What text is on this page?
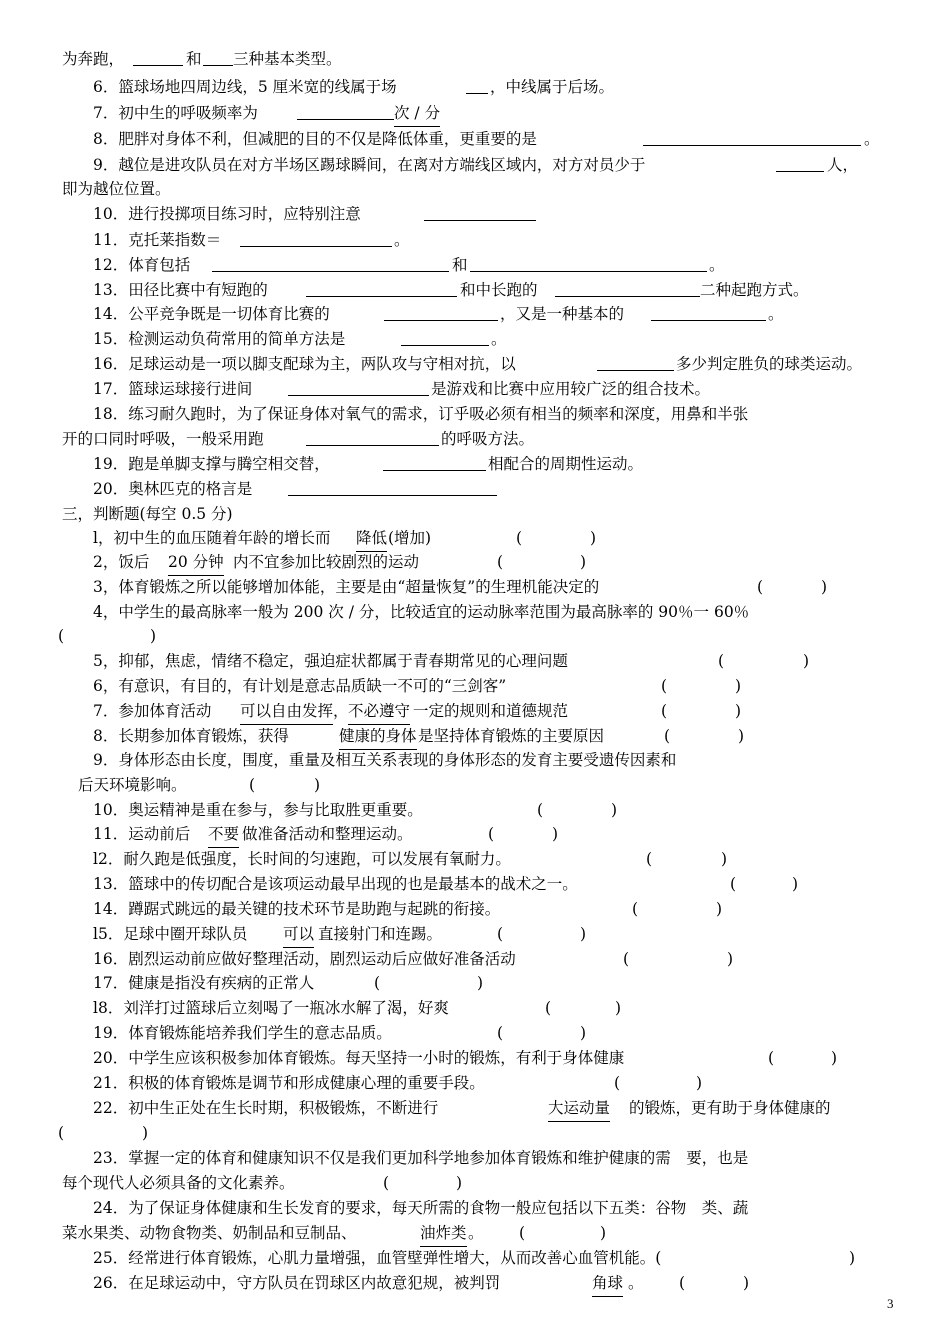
为奔跑，	和 三种基本类型。
6．篮球场地四周边线，5 厘米宽的线属于场	，中线属于后场。
7．初中生的呼吸频率为	次 / 分
8．肥胖对身体不利，但减肥的目的不仅是降低体重，更重要的是	。
9．越位是进攻队员在对方半场区踢球瞬间，在离对方端线区域内，对方对员少于	人，
即为越位位置。
10．进行投掷项目练习时，应特别注意
11．克托莱指数＝	。
12．体育包括	和	。
13．田径比赛中有短跑的	和中长跑的	二种起跑方式。
14．公平竞争既是一切体育比赛的	，又是一种基本的	。
15．检测运动负荷常用的简单方法是	。
16．足球运动是一项以脚支配球为主，两队攻与守相对抗，以	多少判定胜负的球类运动。
17．篮球运球接行进间	是游戏和比赛中应用较广泛的组合技术。
18．练习耐久跑时，为了保证身体对氧气的需求，订乎吸必须有相当的频率和深度，用鼻和半张
开的口同时呼吸，一般采用跑	的呼吸方法。
19．跑是单脚支撑与腾空相交替，	相配合的周期性运动。
20．奥林匹克的格言是
三，判断题(每空 0.5 分)
l，初中生的血压随着年龄的增长而 降低 (增加)	(	)
2，饭后 20 分钟 内不宜参加比较剧烈的运动	(	)
3，体育锻炼之所以能够增加体能，主要是由“超量恢复”的生理机能决定的	(	)
4，中学生的最高脉率一般为 200 次 / 分，比较适宜的运动脉率范围为最高脉率的 90％一 60％
(	)
5，抑郁，焦虑，情绪不稳定，强迫症状都属于青春期常见的心理问题	(	)
6，有意识，有目的，有计划是意志品质缺一不可的“三剑客”	(	)
7．参加体育活动 可以自由发挥 ， 不必遵守 一定的规则和道德规范	(	)
8．长期参加体育锻炼，获得	健康的身体 是坚持体育锻炼的主要原因	(	)
9．身体形态由长度，围度，重量及相互关系表现的身体形态的发育主要受遗传因素和
后天环境影响。	(	)
10．奥运精神是重在参与，参与比取胜更重要。	(	)
11．运动前后 不要 做准备活动和整理运动。	(	)
l2．耐久跑是低强度，长时间的匀速跑，可以发展有氧耐力。	(	)
13．篮球中的传切配合是该项运动最早出现的也是最基本的战术之一。	(	)
14．蹲踞式跳远的最关键的技术环节是助跑与起跳的衔接。	(	)
l5．足球中圈开球队员 可以 直接射门和连踢。	(	)
16．剧烈运动前应做好整理活动，剧烈运动后应做好准备活动	(	)
17．健康是指没有疾病的正常人	(	)
l8．刘洋打过篮球后立刻喝了一瓶冰水解了渴，好爽	(	)
19．体育锻炼能培养我们学生的意志品质。	(	)
20．中学生应该积极参加体育锻炼。每天坚持一小时的锻炼，有利于身体健康	(	)
21．积极的体育锻炼是调节和形成健康心理的重要手段。	(	)
22．初中生正处在生长时期，积极锻炼，不断进行	大运动量 的锻炼，更有助于身体健康的
(	)
23．掌握一定的体育和健康知识不仅是我们更加科学地参加体育锻炼和维护健康的需　要，也是
每个现代人必须具备的文化素养。	(	)
24．为了保证身体健康和生长发育的要求，每天所需的食物一般应包括以下五类：谷物　类、蔬
菜水果类、动物食物类、奶制品和豆制品、	油炸类 。 (	)
25．经常进行体育锻炼，心肌力量增强，血管壁弹性增大，从而改善心血管机能。(	)
26．在足球运动中，守方队员在罚球区内故意犯规，被判罚	角球 。 (	)
3
